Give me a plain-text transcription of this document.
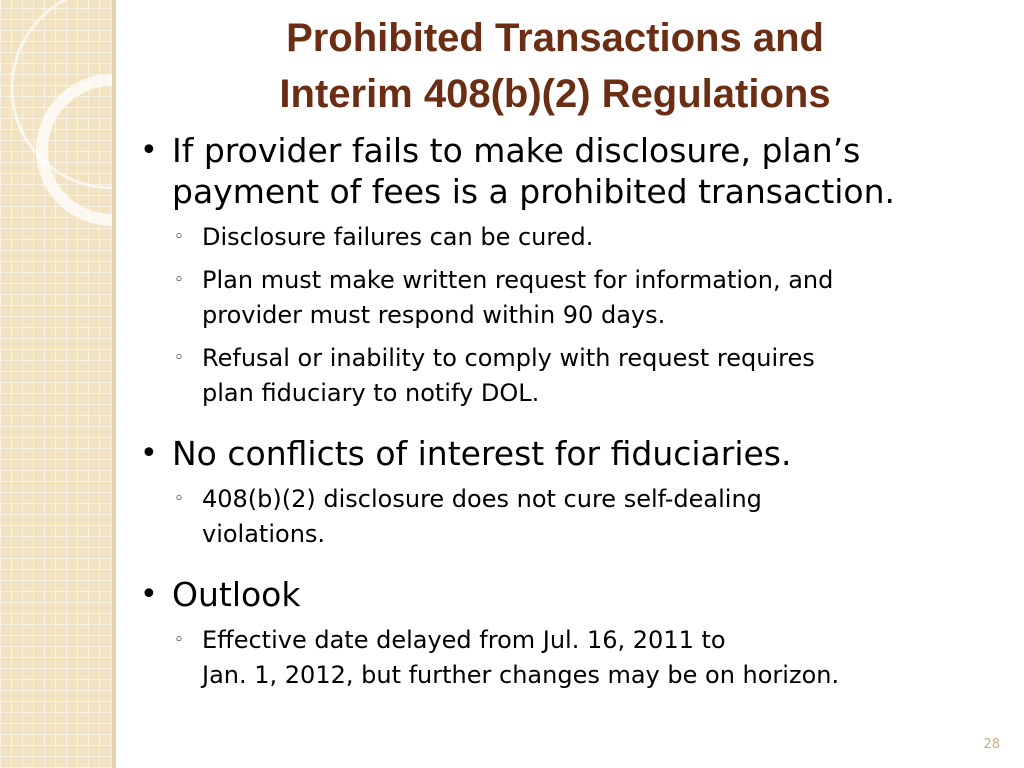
Prohibited Transactions and
Interim 408(b)(2) Regulations
• If provider fails to make disclosure, plan’s
payment of fees is a prohibited transaction.
◦ Disclosure failures can be cured.
◦ Plan must make written request for information, and
provider must respond within 90 days.
◦ Refusal or inability to comply with request requires
plan fiduciary to notify DOL.
• No conflicts of interest for fiduciaries.
◦ 408(b)(2) disclosure does not cure self-dealing
violations.
• Outlook
◦ Effective date delayed from Jul. 16, 2011 to
Jan. 1, 2012, but further changes may be on horizon.
28
